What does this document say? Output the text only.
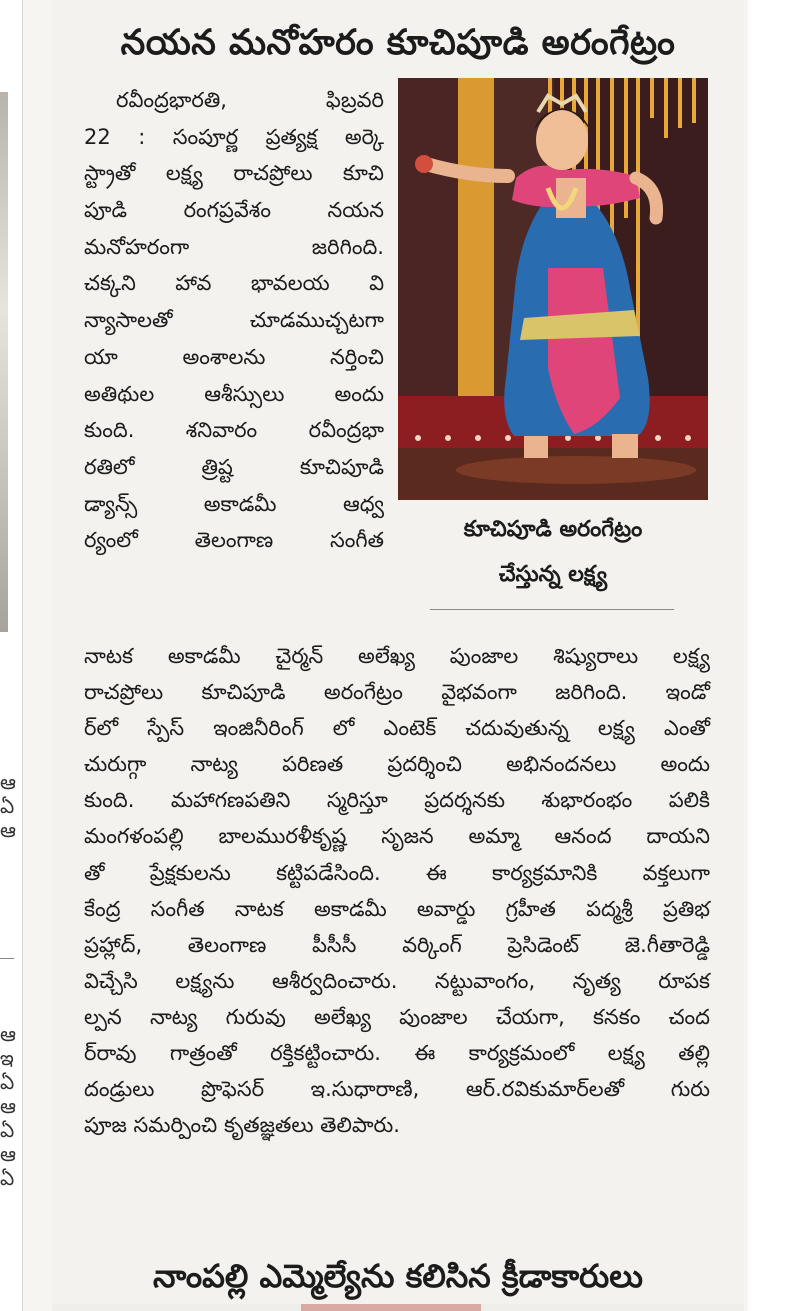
ఆ
ఏ
ఆ
ఆ
ఇ
ఏ
ఆ
ఏ
ఆ
ఏ
నయన మనోహరం కూచిపూడి అరంగేట్రం
కూచిపూడి అరంగేట్రం
చేస్తున్న లక్ష్య
రవీంద్రభారతి, ఫిబ్రవరి
22 : సంపూర్ణ ప్రత్యక్ష అర్కె
స్ట్రాతో లక్ష్య రాచప్రోలు కూచి
పూడి రంగప్రవేశం నయన
మనోహరంగా జరిగింది.
చక్కని హావ భావలయ వి
న్యాసాలతో చూడముచ్చటగా
యా అంశాలను నర్తించి
అతిథుల ఆశీస్సులు అందు
కుంది. శనివారం రవీంద్రభా
రతిలో త్రిష్ట కూచిపూడి
డ్యాన్స్ అకాడమీ ఆధ్వ
ర్యంలో తెలంగాణ సంగీత
నాటక అకాడమీ చైర్మన్ అలేఖ్య పుంజాల శిష్యురాలు లక్ష్య
రాచప్రోలు కూచిపూడి అరంగేట్రం వైభవంగా జరిగింది. ఇండో
ర్‌లో స్పేస్ ఇంజినీరింగ్ లో ఎంటెక్ చదువుతున్న లక్ష్య ఎంతో
చురుగ్గా నాట్య పరిణత ప్రదర్శించి అభినందనలు అందు
కుంది. మహాగణపతిని స్మరిస్తూ ప్రదర్శనకు శుభారంభం పలికి
మంగళంపల్లి బాలమురళీకృష్ణ సృజన అమ్మా ఆనంద దాయని
తో ప్రేక్షకులను కట్టిపడేసింది. ఈ కార్యక్రమానికి వక్తలుగా
కేంద్ర సంగీత నాటక అకాడమీ అవార్డు గ్రహీత పద్మశ్రీ ప్రతిభ
ప్రహ్లాద్, తెలంగాణ పీసీసీ వర్కింగ్ ప్రెసిడెంట్ జె.గీతారెడ్డి
విచ్చేసి లక్ష్యను ఆశీర్వదించారు. నట్టువాంగం, నృత్య రూపక
ల్పన నాట్య గురువు అలేఖ్య పుంజాల చేయగా, కనకం చంద
ర్‌రావు గాత్రంతో రక్తికట్టించారు. ఈ కార్యక్రమంలో లక్ష్య తల్లి
దండ్రులు ప్రొఫెసర్ ఇ.సుధారాణి, ఆర్.రవికుమార్‌లతో గురు
పూజ సమర్పించి కృతజ్ఞతలు తెలిపారు.
నాంపల్లి ఎమ్మెల్యేను కలిసిన క్రీడాకారులు
